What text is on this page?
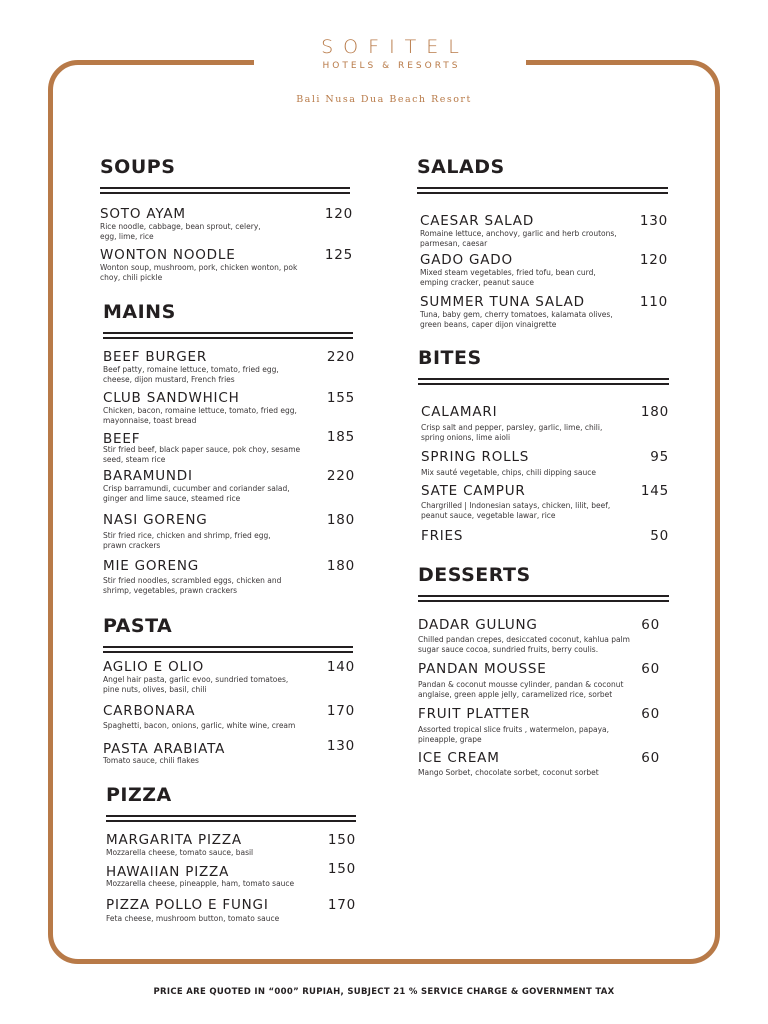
SOFITEL
HOTELS & RESORTS
Bali Nusa Dua Beach Resort
SOUPS
SOTO AYAM	120
Rice noodle, cabbage, bean sprout, celery, egg, lime, rice
WONTON NOODLE	125
Wonton soup, mushroom, pork, chicken wonton, pok choy, chili pickle
MAINS
BEEF BURGER	220
Beef patty, romaine lettuce, tomato, fried egg, cheese, dijon mustard, French fries
CLUB SANDWHICH	155
Chicken, bacon, romaine lettuce, tomato, fried egg, mayonnaise, toast bread
BEEF	185
Stir fried beef, black paper sauce, pok choy, sesame seed, steam rice
BARAMUNDI	220
Crisp barramundi, cucumber and coriander salad, ginger and lime sauce, steamed rice
NASI GORENG	180
Stir fried rice, chicken and shrimp, fried egg, prawn crackers
MIE GORENG	180
Stir fried noodles, scrambled eggs, chicken and shrimp, vegetables, prawn crackers
PASTA
AGLIO E OLIO	140
Angel hair pasta, garlic evoo, sundried tomatoes, pine nuts, olives, basil, chili
CARBONARA	170
Spaghetti, bacon, onions, garlic, white wine, cream
PASTA ARABIATA	130
Tomato sauce, chili flakes
PIZZA
MARGARITA PIZZA	150
Mozzarella cheese, tomato sauce, basil
HAWAIIAN PIZZA	150
Mozzarella cheese, pineapple, ham, tomato sauce
PIZZA POLLO E FUNGI	170
Feta cheese, mushroom button, tomato sauce
SALADS
CAESAR SALAD	130
Romaine lettuce, anchovy, garlic and herb croutons, parmesan, caesar
GADO GADO	120
Mixed steam vegetables, fried tofu, bean curd, emping cracker, peanut sauce
SUMMER TUNA SALAD	110
Tuna, baby gem, cherry tomatoes, kalamata olives, green beans, caper dijon vinaigrette
BITES
CALAMARI	180
Crisp salt and pepper, parsley, garlic, lime, chili, spring onions, lime aioli
SPRING ROLLS	95
Mix sauté vegetable, chips, chili dipping sauce
SATE CAMPUR	145
Chargrilled | Indonesian satays, chicken, lilit, beef, peanut sauce, vegetable lawar, rice
FRIES	50
DESSERTS
DADAR GULUNG	60
Chilled pandan crepes, desiccated coconut, kahlua palm sugar sauce cocoa, sundried fruits, berry coulis.
PANDAN MOUSSE	60
Pandan & coconut mousse cylinder, pandan & coconut anglaise, green apple jelly, caramelized rice, sorbet
FRUIT PLATTER	60
Assorted tropical slice fruits , watermelon, papaya, pineapple, grape
ICE CREAM	60
Mango Sorbet, chocolate sorbet, coconut sorbet
PRICE ARE QUOTED IN “000” RUPIAH, SUBJECT 21 % SERVICE CHARGE & GOVERNMENT TAX
